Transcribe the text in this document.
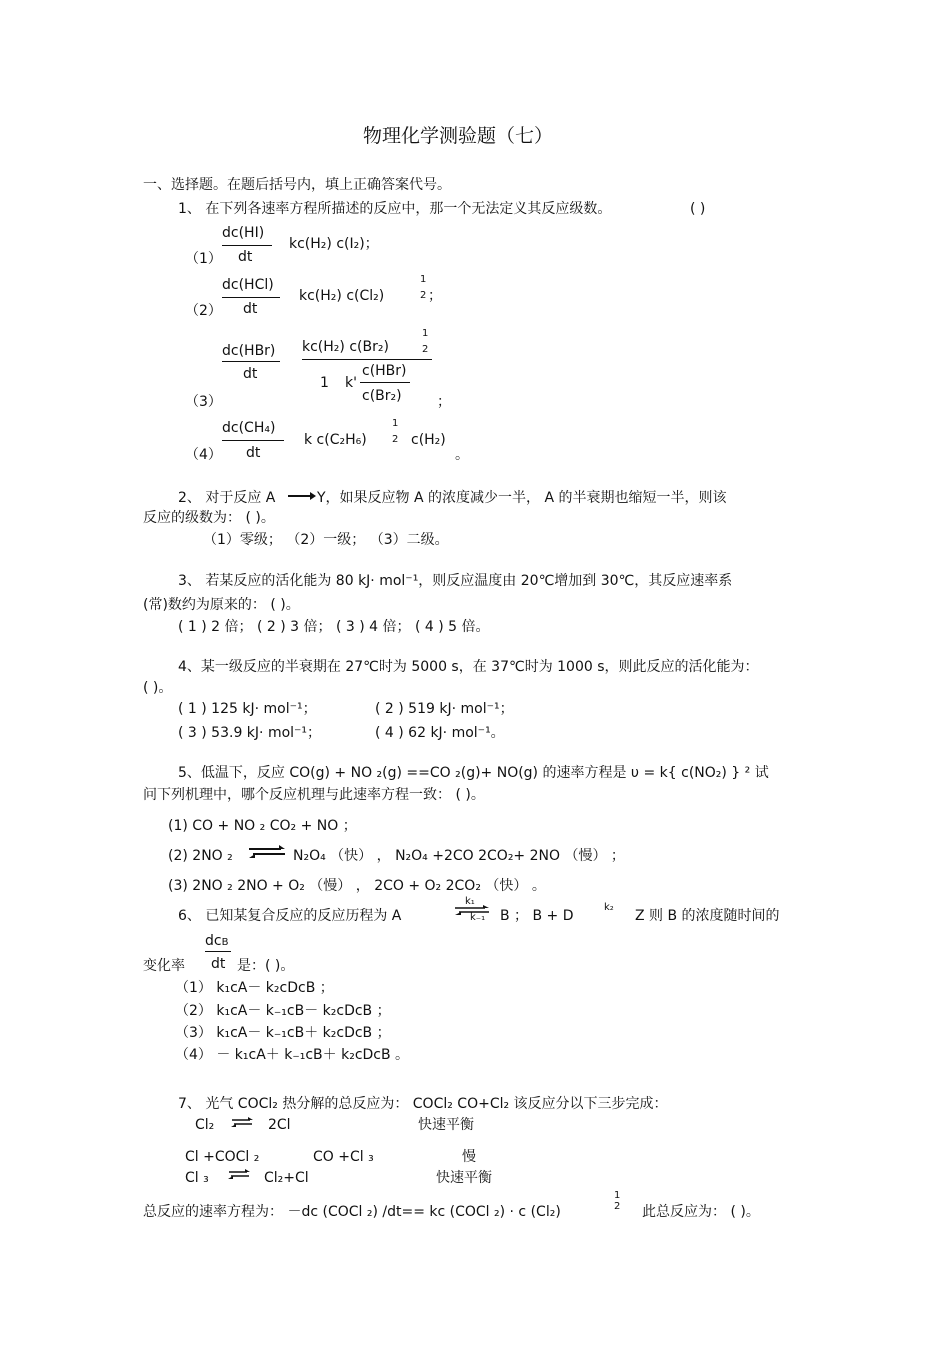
物理化学测验题（七）
一、选择题。在题后括号内，填上正确答案代号。
1、 在下列各速率方程所描述的反应中，那一个无法定义其反应级数。	( )
（1）
dc(HI)
dt
kc(H₂) c(I₂)；
（2）
dc(HCl)
dt
kc(H₂) c(Cl₂)
1
2 ；
（3）
dc(HBr)
dt
kc(H₂) c(Br₂)
1
2
1 k'
c(HBr)
c(Br₂)	；
（4）
dc(CH₄)
dt
k c(C₂H₆)
1
2 c(H₂)
。
2、 对于反应 A	Y，如果反应物 A 的浓度减少一半， A 的半衰期也缩短一半，则该
反应的级数为： ( )。
（1）零级； （2）一级； （3）二级。
3、 若某反应的活化能为 80 kJ· mol⁻¹，则反应温度由 20℃增加到 30℃，其反应速率系
(常)数约为原来的： ( )。
( 1 ) 2 倍； ( 2 ) 3 倍； ( 3 ) 4 倍； ( 4 ) 5 倍。
4、某一级反应的半衰期在 27℃时为 5000 s，在 37℃时为 1000 s，则此反应的活化能为：
( )。
( 1 ) 125 kJ· mol⁻¹；	( 2 ) 519 kJ· mol⁻¹；
( 3 ) 53.9 kJ· mol⁻¹；	( 4 ) 62 kJ· mol⁻¹。
5、低温下，反应 CO(g) + NO ₂(g) ==CO ₂(g)+ NO(g) 的速率方程是 υ = k{ c(NO₂) } ² 试
问下列机理中，哪个反应机理与此速率方程一致： ( )。
(1) CO + NO ₂ CO₂ + NO ；
(2) 2NO ₂ ⇌ N₂O₄ （快） ， N₂O₄ +2CO 2CO₂+ 2NO （慢） ；
(3) 2NO ₂ 2NO + O₂ （慢） ， 2CO + O₂ 2CO₂ （快） 。
6、 已知某复合反应的反应历程为 A
k₁
k₋₁ B ； B + D
k₂
Z 则 B 的浓度随时间的
dcB
dt
变化率	是：( )。
（1） k₁cA－ k₂cDcB ；
（2） k₁cA－ k₋₁cB－ k₂cDcB ；
（3） k₁cA－ k₋₁cB＋ k₂cDcB ；
（4） － k₁cA＋ k₋₁cB＋ k₂cDcB 。
7、 光气 COCl₂ 热分解的总反应为： COCl₂ CO+Cl₂ 该反应分以下三步完成：
Cl₂ ⇌ 2Cl	快速平衡
Cl +COCl ₂	CO +Cl ₃	慢
Cl ₃ ⇌ Cl₂+Cl	快速平衡
总反应的速率方程为： －dc (COCl ₂) /dt== kc (COCl ₂) · c (Cl₂)
1
2 此总反应为： ( )。
